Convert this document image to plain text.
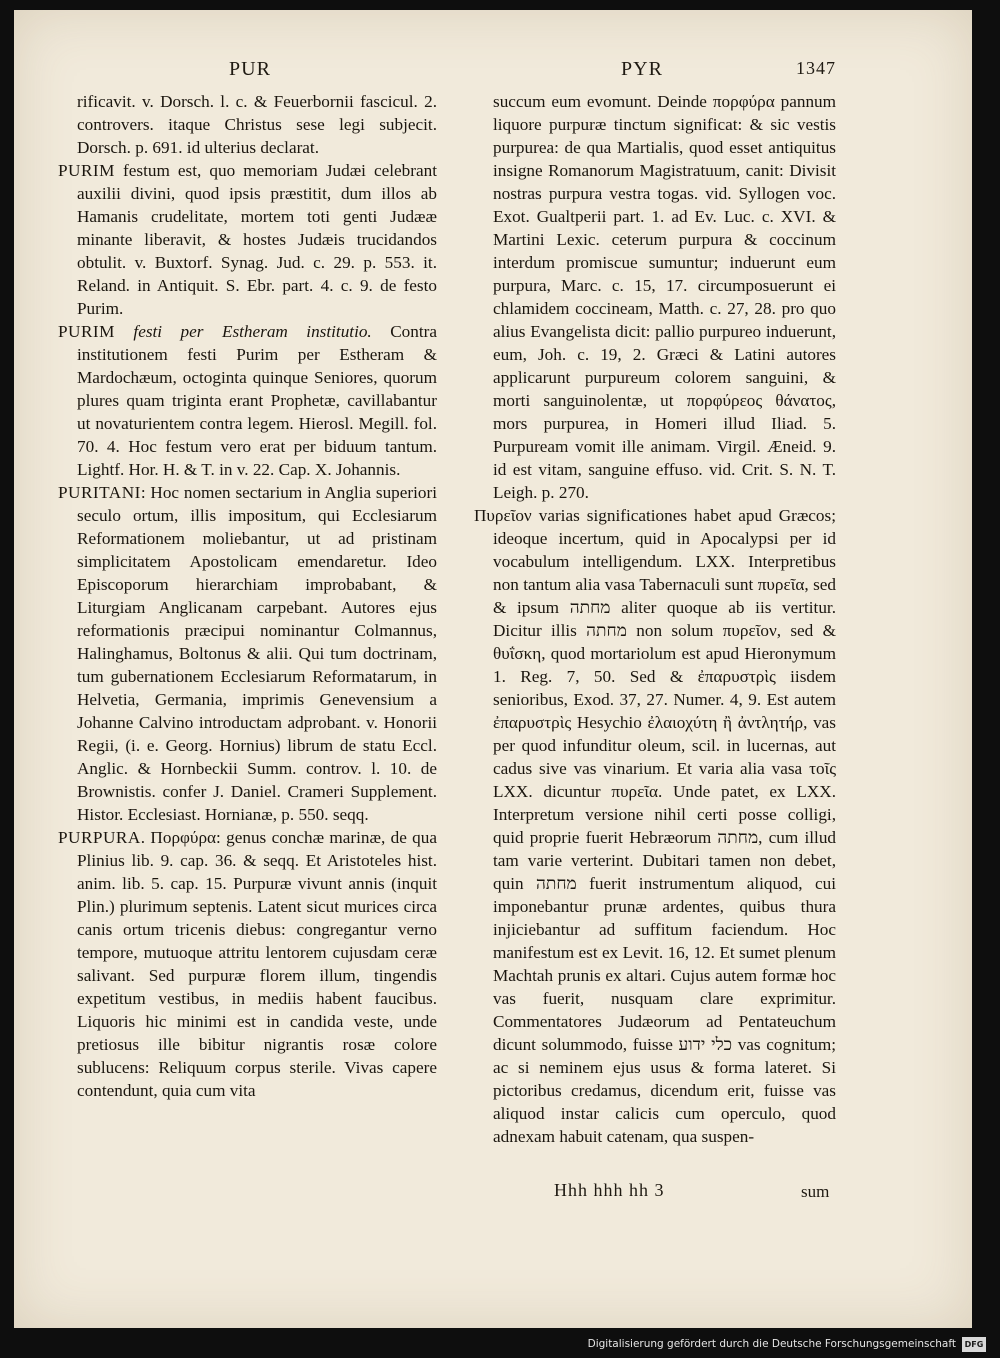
PUR	PYR	1347

rificavit. v. Dorsch. l. c. & Feuerbornii fascicul. 2. controvers. itaque Christus sese legi subjecit. Dorsch. p. 691. id ulterius declarat.

PURIM festum est, quo memoriam Judæi celebrant auxilii divini, quod ipsis præstitit, dum illos ab Hamanis crudelitate, mortem toti genti Judææ minante liberavit, & hostes Judæis trucidandos obtulit. v. Buxtorf. Synag. Jud. c. 29. p. 553. it. Reland. in Antiquit. S. Ebr. part. 4. c. 9. de festo Purim.

PURIM festi per Estheram institutio. Contra institutionem festi Purim per Estheram & Mardochæum, octoginta quinque Seniores, quorum plures quam triginta erant Prophetæ, cavillabantur ut novaturientem contra legem. Hierosl. Megill. fol. 70. 4. Hoc festum vero erat per biduum tantum. Lightf. Hor. H. & T. in v. 22. Cap. X. Johannis.

PURITANI: Hoc nomen sectarium in Anglia superiori seculo ortum, illis impositum, qui Ecclesiarum Reformationem moliebantur, ut ad pristinam simplicitatem Apostolicam emendaretur. Ideo Episcoporum hierarchiam improbabant, & Liturgiam Anglicanam carpebant. Autores ejus reformationis præcipui nominantur Colmannus, Halinghamus, Boltonus & alii. Qui tum doctrinam, tum gubernationem Ecclesiarum Reformatarum, in Helvetia, Germania, imprimis Genevensium a Johanne Calvino introductam adprobant. v. Honorii Regii, (i. e. Georg. Hornius) librum de statu Eccl. Anglic. & Hornbeckii Summ. controv. l. 10. de Brownistis. confer J. Daniel. Crameri Supplement. Histor. Ecclesiast. Hornianæ, p. 550. seqq.

PURPURA. Πορφύρα: genus conchæ marinæ, de qua Plinius lib. 9. cap. 36. & seqq. Et Aristoteles hist. anim. lib. 5. cap. 15. Purpuræ vivunt annis (inquit Plin.) plurimum septenis. Latent sicut murices circa canis ortum tricenis diebus: congregantur verno tempore, mutuoque attritu lentorem cujusdam ceræ salivant. Sed purpuræ florem illum, tingendis expetitum vestibus, in mediis habent faucibus. Liquoris hic minimi est in candida veste, unde pretiosus ille bibitur nigrantis rosæ colore sublucens: Reliquum corpus sterile. Vivas capere contendunt, quia cum vita

succum eum evomunt. Deinde πορφύρα pannum liquore purpuræ tinctum significat: & sic vestis purpurea: de qua Martialis, quod esset antiquitus insigne Romanorum Magistratuum, canit: Divisit nostras purpura vestra togas. vid. Syllogen voc. Exot. Gualtperii part. 1. ad Ev. Luc. c. XVI. & Martini Lexic. ceterum purpura & coccinum interdum promiscue sumuntur; induerunt eum purpura, Marc. c. 15, 17. circumposuerunt ei chlamidem coccineam, Matth. c. 27, 28. pro quo alius Evangelista dicit: pallio purpureo induerunt, eum, Joh. c. 19, 2. Græci & Latini autores applicarunt purpureum colorem sanguini, & morti sanguinolentæ, ut πορφύρεος θάνατος, mors purpurea, in Homeri illud Iliad. 5. Purpuream vomit ille animam. Virgil. Æneid. 9. id est vitam, sanguine effuso. vid. Crit. S. N. T. Leigh. p. 270.

Πυρεῖον varias significationes habet apud Græcos; ideoque incertum, quid in Apocalypsi per id vocabulum intelligendum. LXX. Interpretibus non tantum alia vasa Tabernaculi sunt πυρεῖα, sed & ipsum מחתה aliter quoque ab iis vertitur. Dicitur illis מחתה non solum πυρεῖον, sed & θυΐσκη, quod mortariolum est apud Hieronymum 1. Reg. 7, 50. Sed & ἐπαρυστρὶς iisdem senioribus, Exod. 37, 27. Numer. 4, 9. Est autem ἐπαρυστρὶς Hesychio ἐλαιοχύτη ἢ ἀντλητήρ, vas per quod infunditur oleum, scil. in lucernas, aut cadus sive vas vinarium. Et varia alia vasa τοῖς LXX. dicuntur πυρεῖα. Unde patet, ex LXX. Interpretum versione nihil certi posse colligi, quid proprie fuerit Hebræorum מחתה, cum illud tam varie verterint. Dubitari tamen non debet, quin מחתה fuerit instrumentum aliquod, cui imponebantur prunæ ardentes, quibus thura injiciebantur ad suffitum faciendum. Hoc manifestum est ex Levit. 16, 12. Et sumet plenum Machtah prunis ex altari. Cujus autem formæ hoc vas fuerit, nusquam clare exprimitur. Commentatores Judæorum ad Pentateuchum dicunt solummodo, fuisse כלי ידוע vas cognitum; ac si neminem ejus usus & forma lateret. Si pictoribus credamus, dicendum erit, fuisse vas aliquod instar calicis cum operculo, quod adnexam habuit catenam, qua suspen-

Hhh hhh hh 3	sum
Digitalisierung gefördert durch die Deutsche Forschungsgemeinschaft	DFG
